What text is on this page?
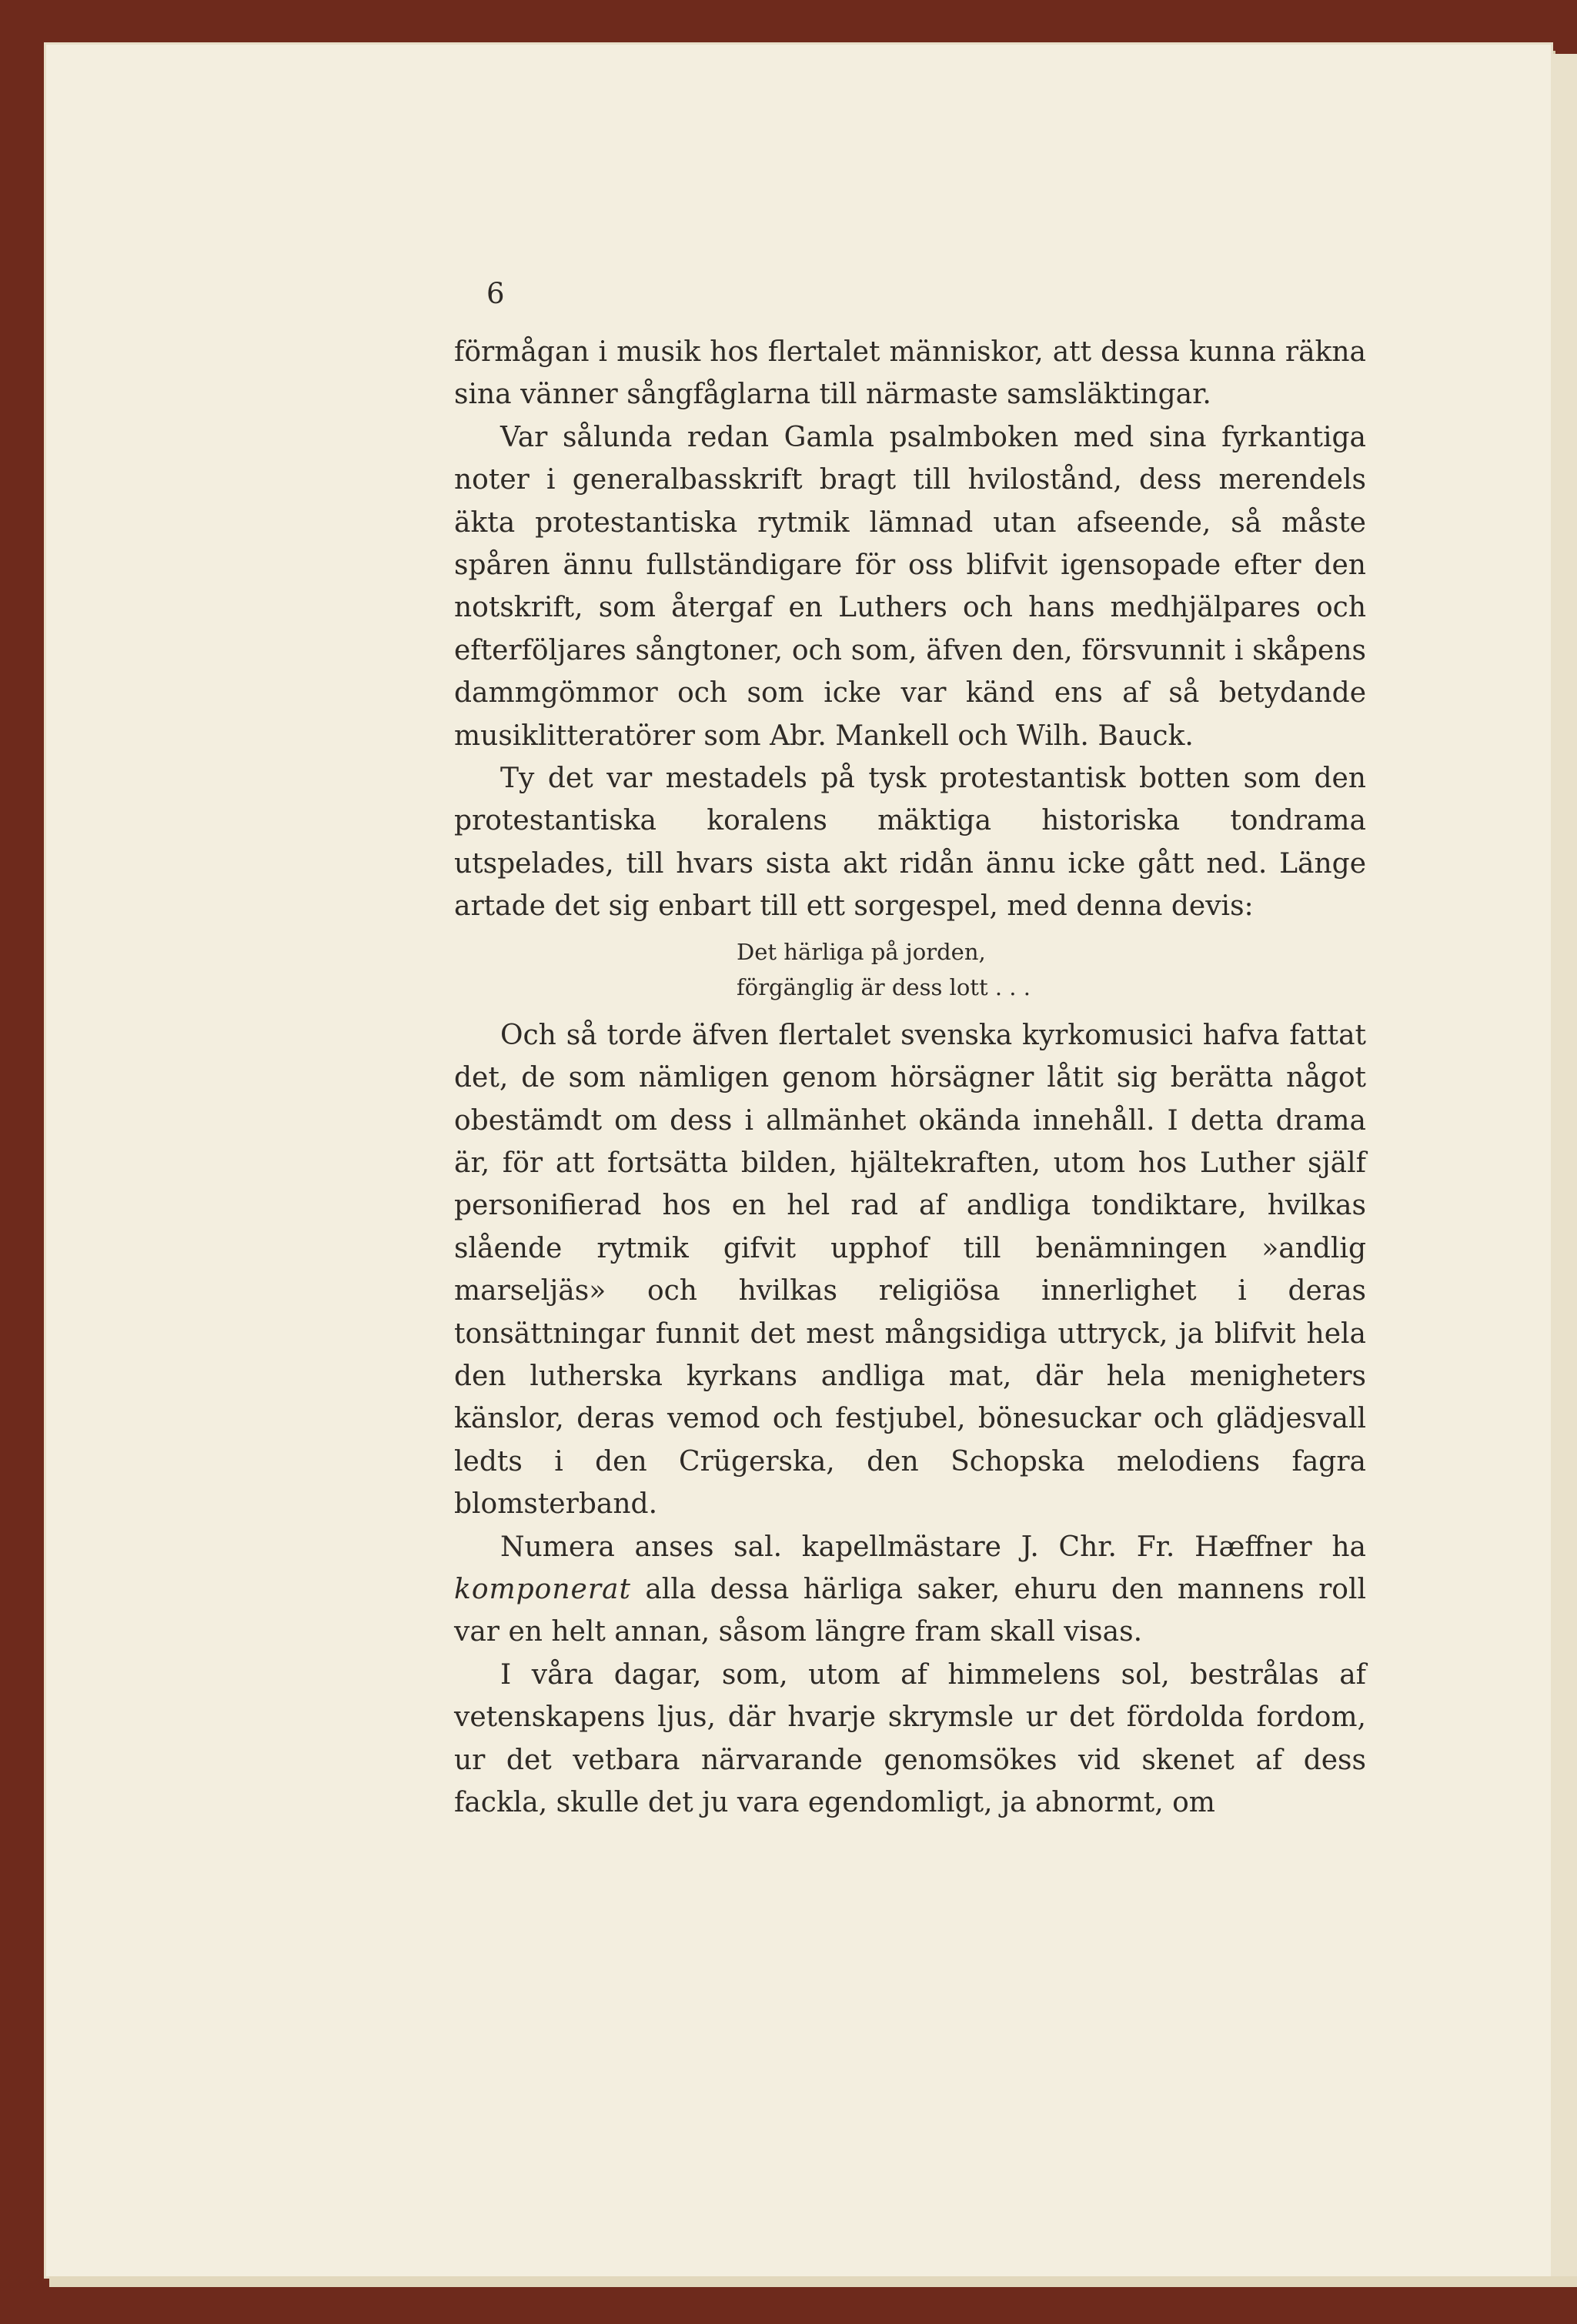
6

förmågan i musik hos flertalet människor, att dessa kunna räkna sina vänner sångfåglarna till närmaste samsläktingar.

Var sålunda redan Gamla psalmboken med sina fyrkantiga noter i generalbasskrift bragt till hvilostånd, dess merendels äkta protestantiska rytmik lämnad utan afseende, så måste spåren ännu fullständigare för oss blifvit igensopade efter den notskrift, som återgaf en Luthers och hans medhjälpares och efterföljares sångtoner, och som, äfven den, försvunnit i skåpens dammgömmor och som icke var känd ens af så betydande musiklitteratörer som Abr. Mankell och Wilh. Bauck.

Ty det var mestadels på tysk protestantisk botten som den protestantiska koralens mäktiga historiska tondrama utspelades, till hvars sista akt ridån ännu icke gått ned. Länge artade det sig enbart till ett sorgespel, med denna devis:

Det härliga på jorden,
förgänglig är dess lott . . .

Och så torde äfven flertalet svenska kyrkomusici hafva fattat det, de som nämligen genom hörsägner låtit sig berätta något obestämdt om dess i allmänhet okända innehåll. I detta drama är, för att fortsätta bilden, hjältekraften, utom hos Luther själf personifierad hos en hel rad af andliga tondiktare, hvilkas slående rytmik gifvit upphof till benämningen »andlig marseljäs» och hvilkas religiösa innerlighet i deras tonsättningar funnit det mest mångsidiga uttryck, ja blifvit hela den lutherska kyrkans andliga mat, där hela menigheters känslor, deras vemod och festjubel, bönesuckar och glädjesvall ledts i den Crügerska, den Schopska melodiens fagra blomsterband.

Numera anses sal. kapellmästare J. Chr. Fr. Hæffner ha komponerat alla dessa härliga saker, ehuru den mannens roll var en helt annan, såsom längre fram skall visas.

I våra dagar, som, utom af himmelens sol, bestrålas af vetenskapens ljus, där hvarje skrymsle ur det fördolda fordom, ur det vetbara närvarande genomsökes vid skenet af dess fackla, skulle det ju vara egendomligt, ja abnormt, om
